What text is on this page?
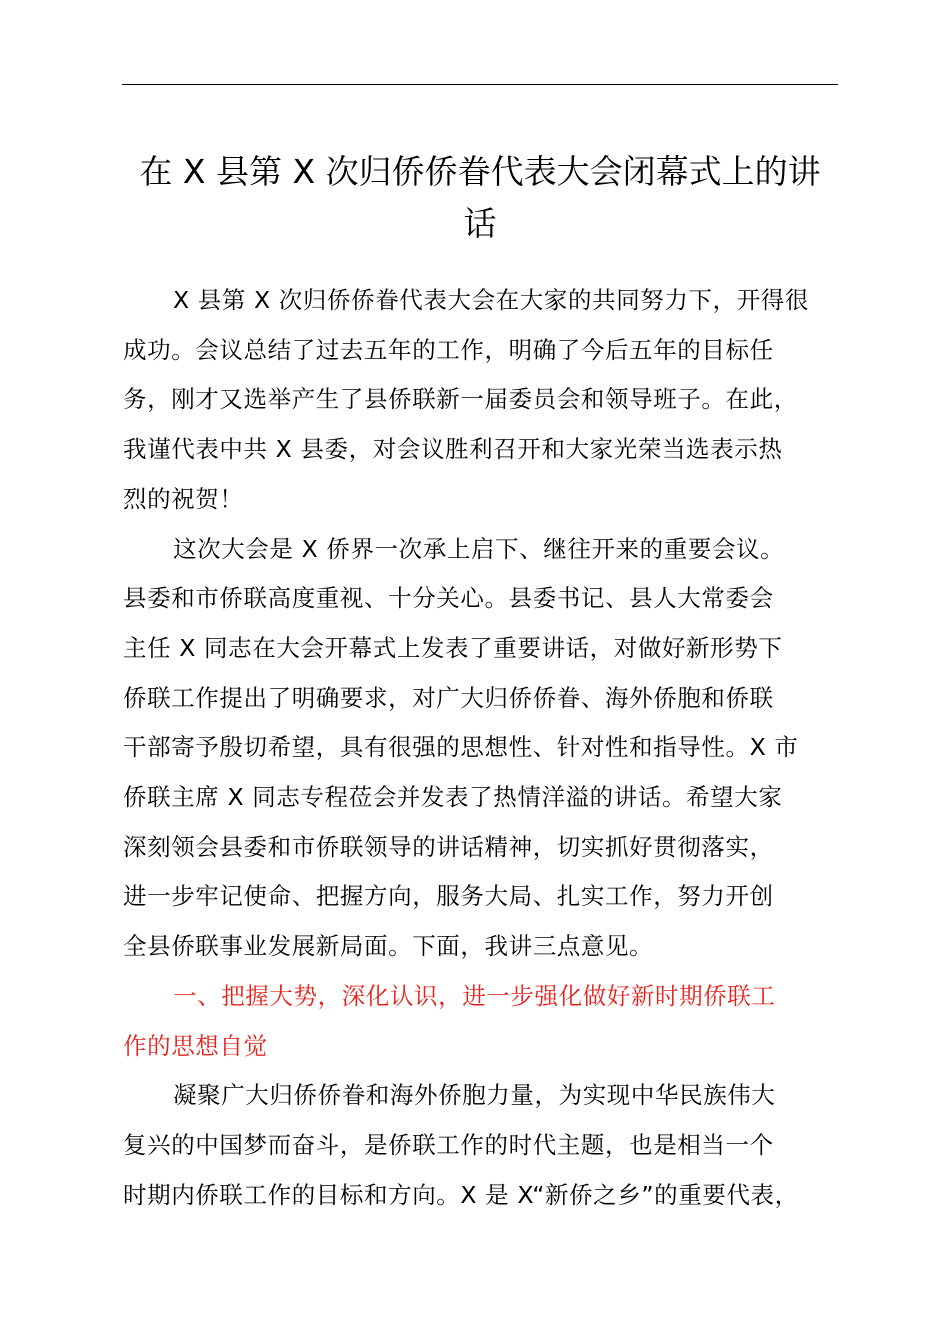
在 X 县第 X 次归侨侨眷代表大会闭幕式上的讲
话

X 县第 X 次归侨侨眷代表大会在大家的共同努力下，开得很
成功。会议总结了过去五年的工作，明确了今后五年的目标任
务，刚才又选举产生了县侨联新一届委员会和领导班子。在此，
我谨代表中共 X 县委，对会议胜利召开和大家光荣当选表示热
烈的祝贺！

这次大会是 X 侨界一次承上启下、继往开来的重要会议。
县委和市侨联高度重视、十分关心。县委书记、县人大常委会
主任 X 同志在大会开幕式上发表了重要讲话，对做好新形势下
侨联工作提出了明确要求，对广大归侨侨眷、海外侨胞和侨联
干部寄予殷切希望，具有很强的思想性、针对性和指导性。X 市
侨联主席 X 同志专程莅会并发表了热情洋溢的讲话。希望大家
深刻领会县委和市侨联领导的讲话精神，切实抓好贯彻落实，
进一步牢记使命、把握方向，服务大局、扎实工作，努力开创
全县侨联事业发展新局面。下面，我讲三点意见。

一、把握大势，深化认识，进一步强化做好新时期侨联工
作的思想自觉

凝聚广大归侨侨眷和海外侨胞力量，为实现中华民族伟大
复兴的中国梦而奋斗，是侨联工作的时代主题，也是相当一个
时期内侨联工作的目标和方向。X 是 X“新侨之乡”的重要代表，
